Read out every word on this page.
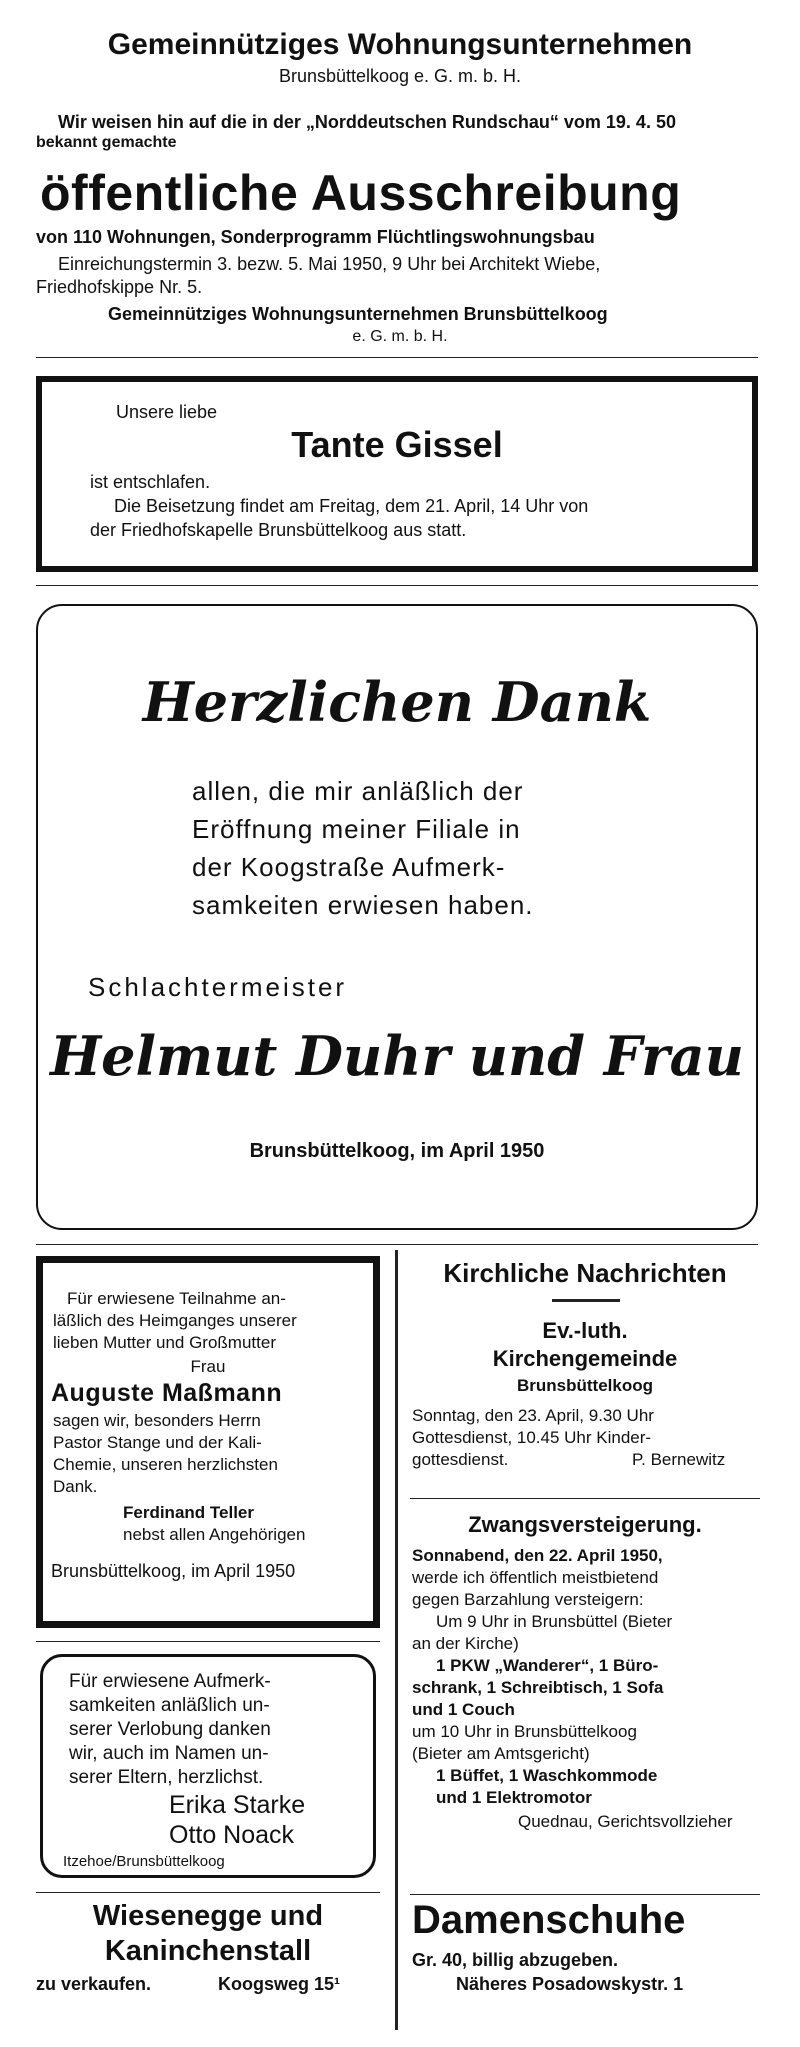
Gemeinnütziges Wohnungsunternehmen
Brunsbüttelkoog e. G. m. b. H.
Wir weisen hin auf die in der „Norddeutschen Rundschau“ vom 19. 4. 50
bekannt gemachte
öffentliche Ausschreibung
von 110 Wohnungen, Sonderprogramm Flüchtlingswohnungsbau
Einreichungstermin 3. bezw. 5. Mai 1950, 9 Uhr bei Architekt Wiebe,
Friedhofskippe Nr. 5.
Gemeinnütziges Wohnungsunternehmen Brunsbüttelkoog
e. G. m. b. H.
Unsere liebe
Tante Gissel
ist entschlafen.
Die Beisetzung findet am Freitag, dem 21. April, 14 Uhr von
der Friedhofskapelle Brunsbüttelkoog aus statt.
Herzlichen Dank
allen, die mir anläßlich der
Eröffnung meiner Filiale in
der Koogstraße Aufmerk-
samkeiten erwiesen haben.
Schlachtermeister
Helmut Duhr und Frau
Brunsbüttelkoog, im April 1950
Für erwiesene Teilnahme an-
läßlich des Heimganges unserer
lieben Mutter und Großmutter
Frau
Auguste Maßmann
sagen wir, besonders Herrn
Pastor Stange und der Kali-
Chemie, unseren herzlichsten
Dank.
Ferdinand Teller
nebst allen Angehörigen
Brunsbüttelkoog, im April 1950
Für erwiesene Aufmerk-
samkeiten anläßlich un-
serer Verlobung danken
wir, auch im Namen un-
serer Eltern, herzlichst.
Erika Starke
Otto Noack
Itzehoe/Brunsbüttelkoog
Wiesenegge und
Kaninchenstall
zu verkaufen.	Koogsweg 15¹
Kirchliche Nachrichten
Ev.-luth.
Kirchengemeinde
Brunsbüttelkoog
Sonntag, den 23. April, 9.30 Uhr
Gottesdienst, 10.45 Uhr Kinder-
gottesdienst.	P. Bernewitz
Zwangsversteigerung.
Sonnabend, den 22. April 1950,
werde ich öffentlich meistbietend
gegen Barzahlung versteigern:
Um 9 Uhr in Brunsbüttel (Bieter
an der Kirche)
1 PKW „Wanderer“, 1 Büro-
schrank, 1 Schreibtisch, 1 Sofa
und 1 Couch
um 10 Uhr in Brunsbüttelkoog
(Bieter am Amtsgericht)
1 Büffet, 1 Waschkommode
und 1 Elektromotor
Quednau, Gerichtsvollzieher
Damenschuhe
Gr. 40, billig abzugeben.
Näheres Posadowskystr. 1
